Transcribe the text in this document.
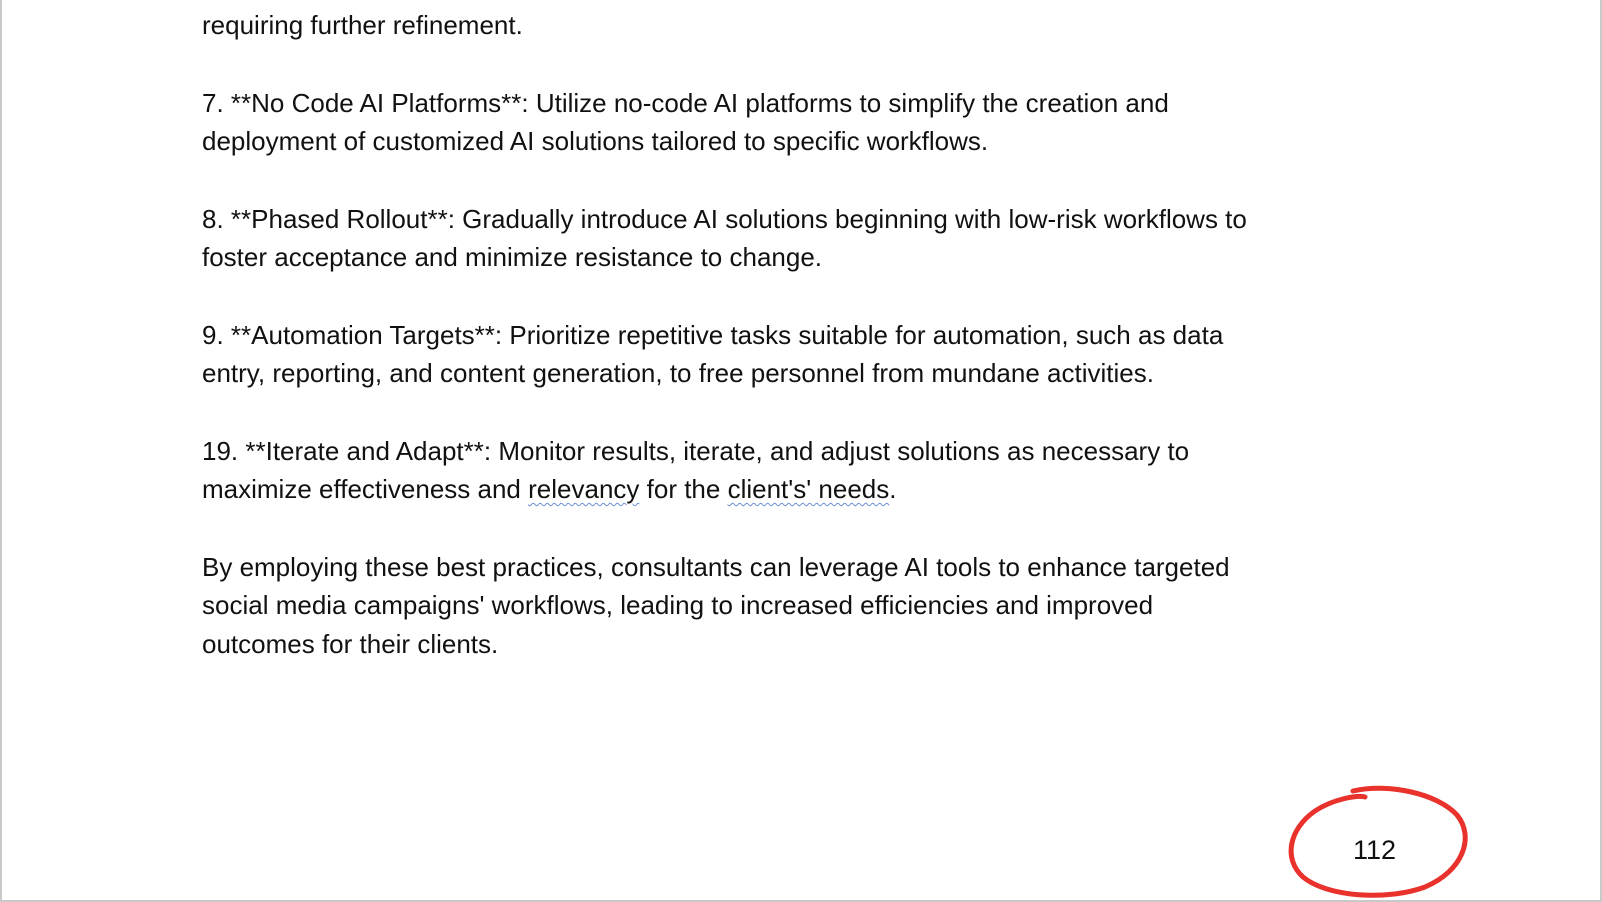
requiring further refinement.

7. **No Code AI Platforms**: Utilize no-code AI platforms to simplify the creation and
deployment of customized AI solutions tailored to specific workflows.

8. **Phased Rollout**: Gradually introduce AI solutions beginning with low-risk workflows to
foster acceptance and minimize resistance to change.

9. **Automation Targets**: Prioritize repetitive tasks suitable for automation, such as data
entry, reporting, and content generation, to free personnel from mundane activities.

19. **Iterate and Adapt**: Monitor results, iterate, and adjust solutions as necessary to
maximize effectiveness and relevancy for the client's' needs.

By employing these best practices, consultants can leverage AI tools to enhance targeted
social media campaigns' workflows, leading to increased efficiencies and improved
outcomes for their clients.

112
